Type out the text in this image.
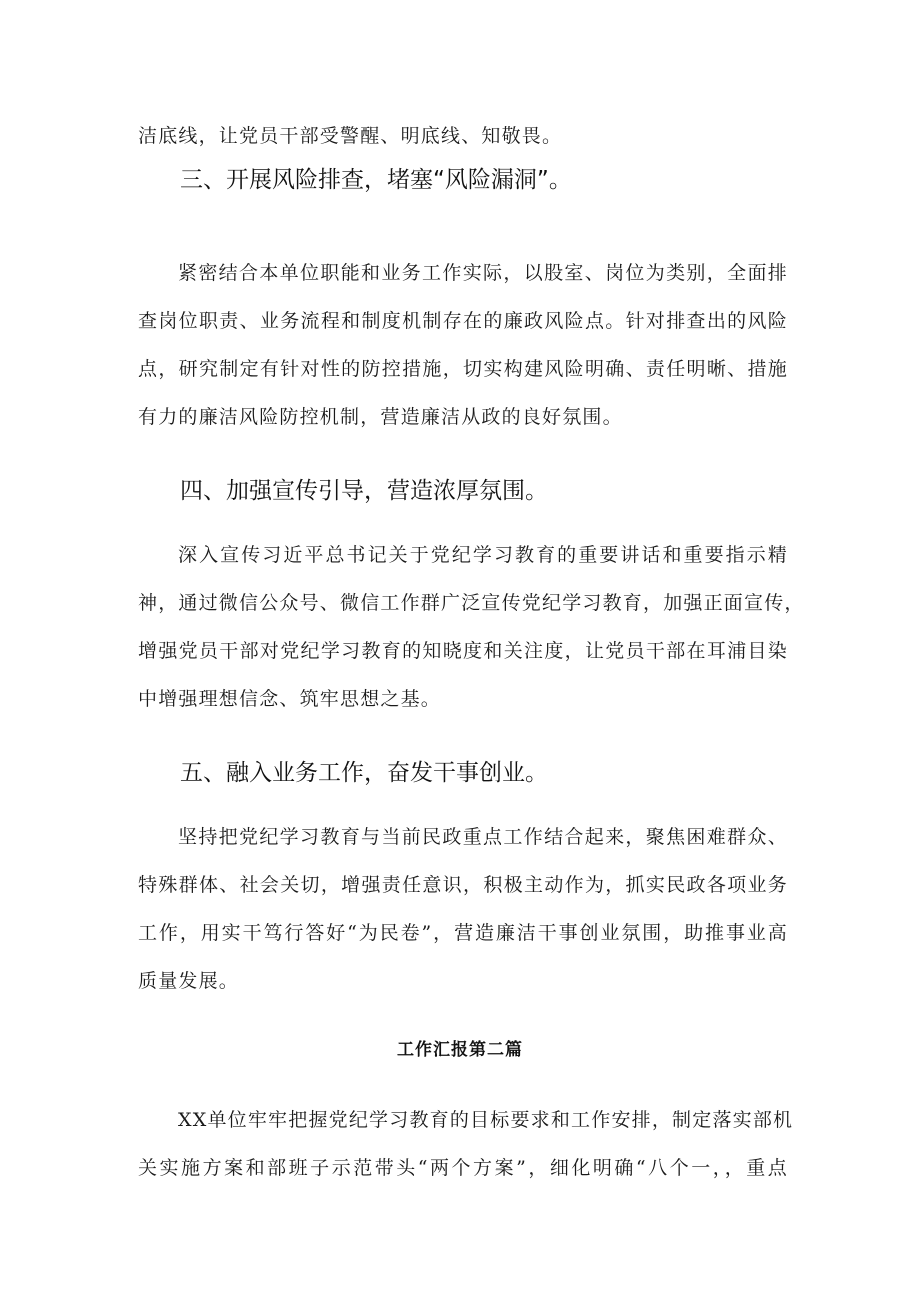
洁底线，让党员干部受警醒、明底线、知敬畏。
三、开展风险排查，堵塞“风险漏洞”。
紧密结合本单位职能和业务工作实际，以股室、岗位为类别，全面排
查岗位职责、业务流程和制度机制存在的廉政风险点。针对排查出的风险
点，研究制定有针对性的防控措施，切实构建风险明确、责任明晰、措施
有力的廉洁风险防控机制，营造廉洁从政的良好氛围。
四、加强宣传引导，营造浓厚氛围。
深入宣传习近平总书记关于党纪学习教育的重要讲话和重要指示精
神，通过微信公众号、微信工作群广泛宣传党纪学习教育，加强正面宣传，
增强党员干部对党纪学习教育的知晓度和关注度，让党员干部在耳浦目染
中增强理想信念、筑牢思想之基。
五、融入业务工作，奋发干事创业。
坚持把党纪学习教育与当前民政重点工作结合起来，聚焦困难群众、
特殊群体、社会关切，增强责任意识，积极主动作为，抓实民政各项业务
工作，用实干笃行答好“为民卷”，营造廉洁干事创业氛围，助推事业高
质量发展。
工作汇报第二篇
XX单位牢牢把握党纪学习教育的目标要求和工作安排，制定落实部机
关实施方案和部班子示范带头“两个方案”，细化明确“八个一，，重点
